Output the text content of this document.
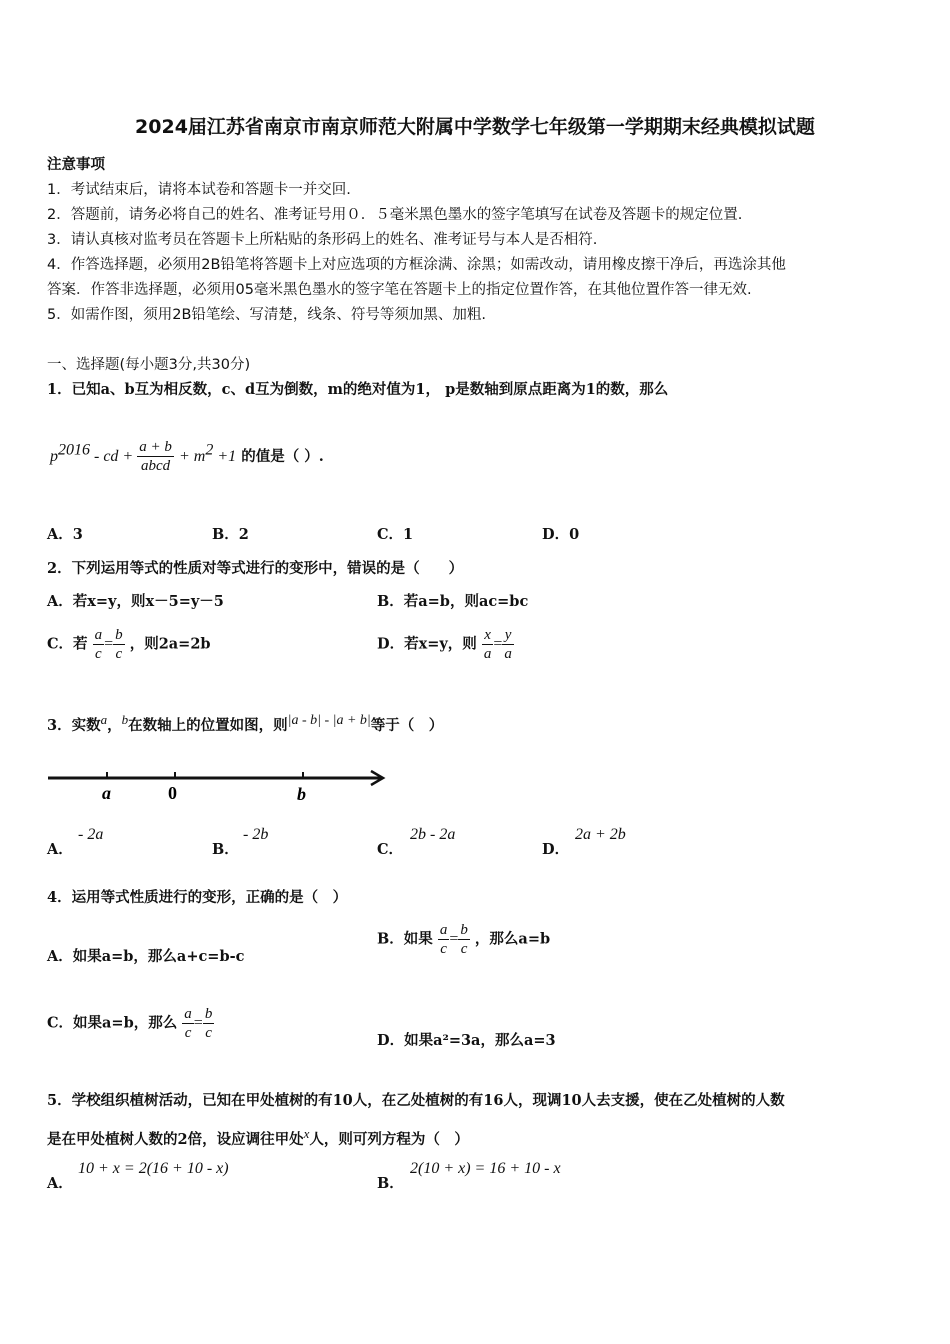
2024届江苏省南京市南京师范大附属中学数学七年级第一学期期末经典模拟试题
注意事项
1．考试结束后，请将本试卷和答题卡一并交回.
2．答题前，请务必将自己的姓名、准考证号用０．５毫米黑色墨水的签字笔填写在试卷及答题卡的规定位置.
3．请认真核对监考员在答题卡上所粘贴的条形码上的姓名、准考证号与本人是否相符.
4．作答选择题，必须用2B铅笔将答题卡上对应选项的方框涂满、涂黑；如需改动，请用橡皮擦干净后，再选涂其他
答案．作答非选择题，必须用05毫米黑色墨水的签字笔在答题卡上的指定位置作答，在其他位置作答一律无效.
5．如需作图，须用2B铅笔绘、写清楚，线条、符号等须加黑、加粗.
一、选择题(每小题3分,共30分)
1．已知a、b互为相反数，c、d互为倒数，m的绝对值为1， p是数轴到原点距离为1的数，那么
$p^{2016}$ - cd + $\frac{a + b}{\text{abcd}} + m^2 +1$ 的值是（ ）.
A．3	B．2	C．1	D．0
2．下列运用等式的性质对等式进行的变形中，错误的是（　　）
A．若x=y，则x－5=y－5	B．若a=b，则ac=bc
C．若 $\frac{a}{c} = \frac{b}{c}$ ，则2a=2b	D．若x=y，则 $\frac{x}{a} = \frac{y}{a}$
3．实数$^a$，$^b$在数轴上的位置如图，则$^{|a - b| - |a + b|}$等于（　）
a	0	b
A．
- 2a
B．
- 2b
C．
2b - 2a
D．
2a + 2b
4．运用等式性质进行的变形，正确的是（　）
A．如果a=b，那么a+c=b-c
B．如果 $\frac{a}{c} = \frac{b}{c}$ ，那么a=b
C．如果a=b，那么 $\frac{a}{c} = \frac{b}{c}$	D．如果a²=3a，那么a=3
5．学校组织植树活动，已知在甲处植树的有10人，在乙处植树的有16人，现调10人去支援，使在乙处植树的人数
是在甲处植树人数的2倍，设应调往甲处$^x$人，则可列方程为（　）
A．
10 + x = 2(16 + 10 - x)
B．
2(10 + x) = 16 + 10 - x
